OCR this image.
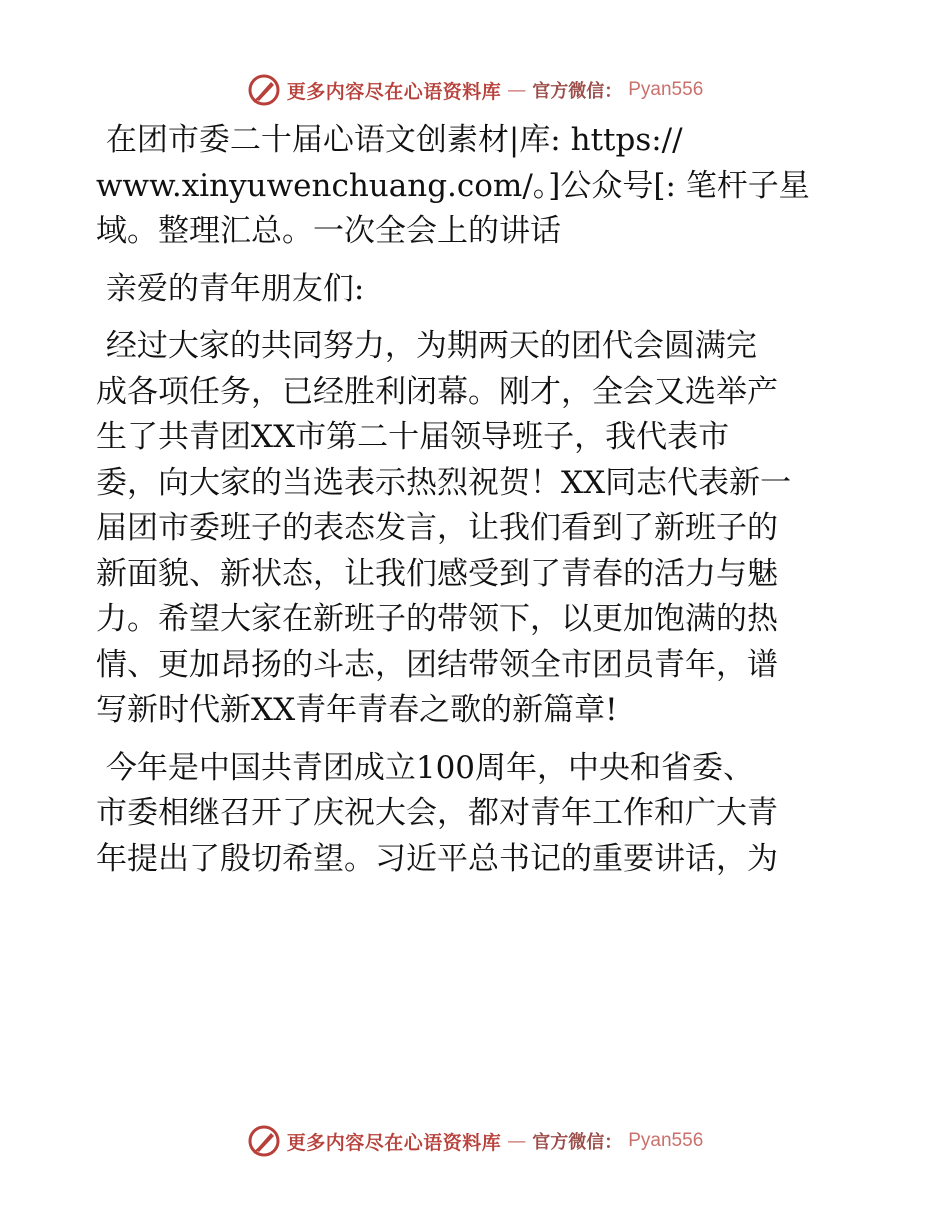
更多内容尽在心语资料库 — 官方微信： Pyan556

在团市委二十届心语文创素材|库: https://
www.xinyuwenchuang.com/。]公众号[: 笔杆子星
域。整理汇总。一次全会上的讲话

亲爱的青年朋友们:

经过大家的共同努力，为期两天的团代会圆满完
成各项任务，已经胜利闭幕。刚才，全会又选举产
生了共青团XX市第二十届领导班子，我代表市
委，向大家的当选表示热烈祝贺！XX同志代表新一
届团市委班子的表态发言，让我们看到了新班子的
新面貌、新状态，让我们感受到了青春的活力与魅
力。希望大家在新班子的带领下，以更加饱满的热
情、更加昂扬的斗志，团结带领全市团员青年，谱
写新时代新XX青年青春之歌的新篇章!

今年是中国共青团成立100周年，中央和省委、
市委相继召开了庆祝大会，都对青年工作和广大青
年提出了殷切希望。习近平总书记的重要讲话，为

更多内容尽在心语资料库 — 官方微信： Pyan556
